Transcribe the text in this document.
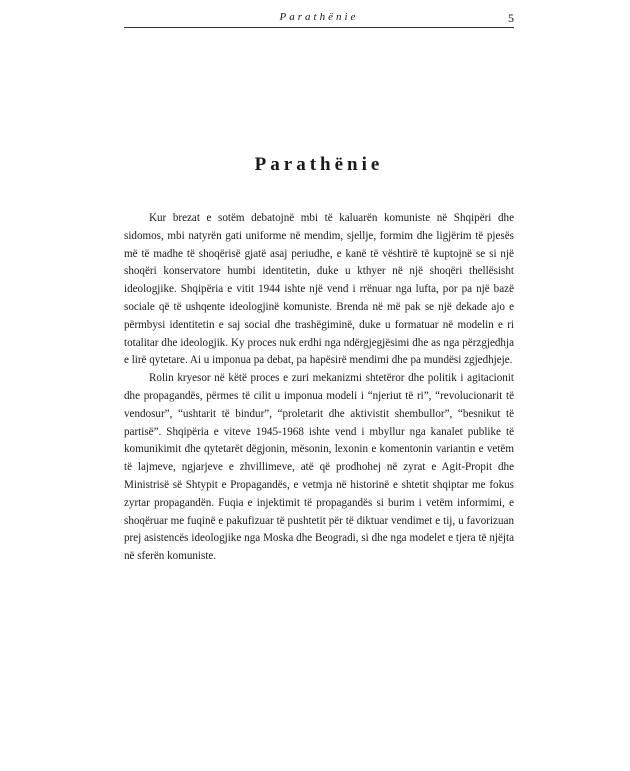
Parathënie	5
Parathënie

Kur brezat e sotëm debatojnë mbi të kaluarën komuniste në Shqipëri dhe sidomos, mbi natyrën gati uniforme në mendim, sjellje, formim dhe ligjërim të pjesës më të madhe të shoqërisë gjatë asaj periudhe, e kanë të vështirë të kuptojnë se si një shoqëri konservatore humbi identitetin, duke u kthyer në një shoqëri thellësisht ideologjike. Shqipëria e vitit 1944 ishte një vend i rrënuar nga lufta, por pa një bazë sociale që të ushqente ideologjinë komuniste. Brenda në më pak se një dekade ajo e përmbysi identitetin e saj social dhe trashëgiminë, duke u formatuar në modelin e ri totalitar dhe ideologjik. Ky proces nuk erdhi nga ndërgjegjësimi dhe as nga përzgjedhja e lirë qytetare. Ai u imponua pa debat, pa hapësirë mendimi dhe pa mundësi zgjedhjeje.

Rolin kryesor në këtë proces e zuri mekanizmi shtetëror dhe politik i agitacionit dhe propagandës, përmes të cilit u imponua modeli i “njeriut të ri”, “revolucionarit të vendosur”, “ushtarit të bindur”, “proletarit dhe aktivistit shembullor”, “besnikut të partisë”. Shqipëria e viteve 1945-1968 ishte vend i mbyllur nga kanalet publike të komunikimit dhe qytetarët dëgjonin, mësonin, lexonin e komentonin variantin e vetëm të lajmeve, ngjarjeve e zhvillimeve, atë që prodhohej në zyrat e Agit-Propit dhe Ministrisë së Shtypit e Propagandës, e vetmja në historinë e shtetit shqiptar me fokus zyrtar propagandën. Fuqia e injektimit të propagandës si burim i vetëm informimi, e shoqëruar me fuqinë e pakufizuar të pushtetit për të diktuar vendimet e tij, u favorizuan prej asistencës ideologjike nga Moska dhe Beogradi, si dhe nga modelet e tjera të njëjta në sferën komuniste.
